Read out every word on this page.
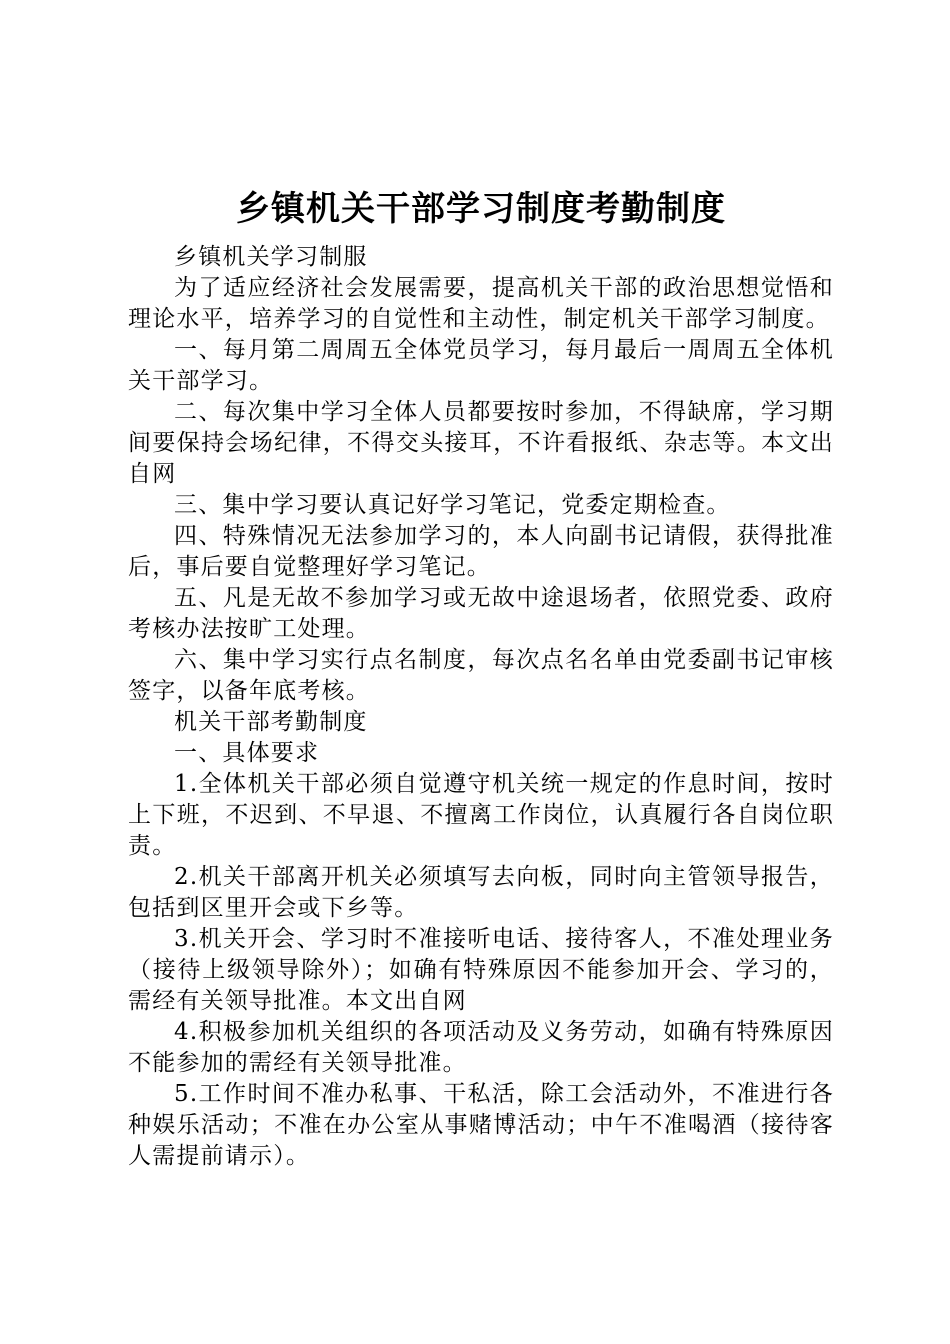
乡镇机关干部学习制度考勤制度

乡镇机关学习制服

为了适应经济社会发展需要，提高机关干部的政治思想觉悟和理论水平，培养学习的自觉性和主动性，制定机关干部学习制度。

一、每月第二周周五全体党员学习，每月最后一周周五全体机关干部学习。

二、每次集中学习全体人员都要按时参加，不得缺席，学习期间要保持会场纪律，不得交头接耳，不许看报纸、杂志等。本文出自网

三、集中学习要认真记好学习笔记，党委定期检查。

四、特殊情况无法参加学习的，本人向副书记请假，获得批准后，事后要自觉整理好学习笔记。

五、凡是无故不参加学习或无故中途退场者，依照党委、政府考核办法按旷工处理。

六、集中学习实行点名制度，每次点名名单由党委副书记审核签字，以备年底考核。

机关干部考勤制度

一、具体要求

1.全体机关干部必须自觉遵守机关统一规定的作息时间，按时上下班，不迟到、不早退、不擅离工作岗位，认真履行各自岗位职责。

2.机关干部离开机关必须填写去向板，同时向主管领导报告，包括到区里开会或下乡等。

3.机关开会、学习时不准接听电话、接待客人，不准处理业务（接待上级领导除外）；如确有特殊原因不能参加开会、学习的，需经有关领导批准。本文出自网

4.积极参加机关组织的各项活动及义务劳动，如确有特殊原因不能参加的需经有关领导批准。

5.工作时间不准办私事、干私活，除工会活动外，不准进行各种娱乐活动；不准在办公室从事赌博活动；中午不准喝酒（接待客人需提前请示）。
